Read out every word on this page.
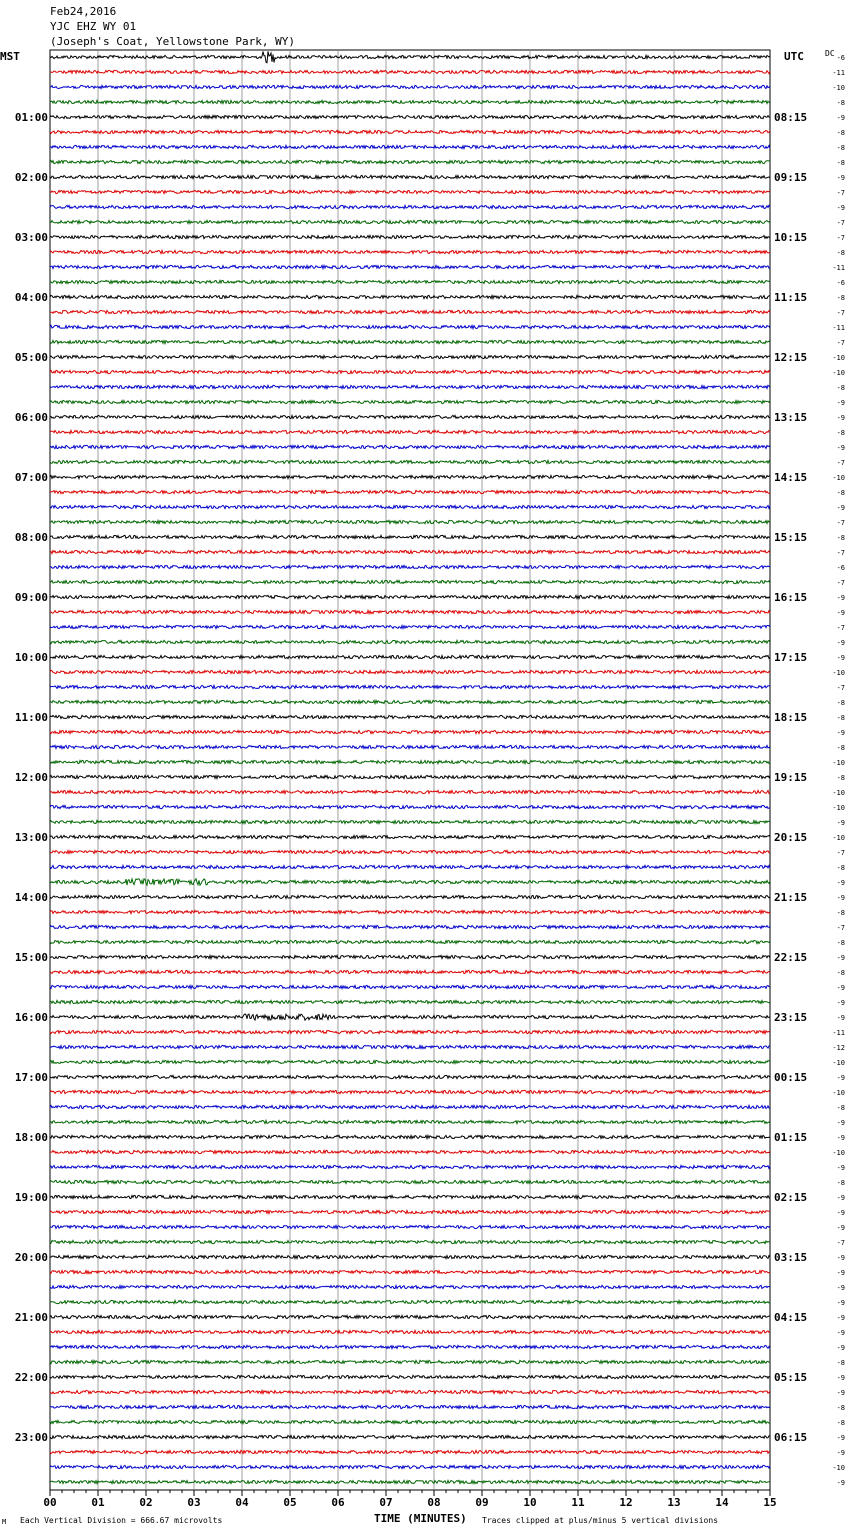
Feb24,2016
YJC EHZ WY 01
(Joseph's Coat, Yellowstone Park, WY)
MST	UTC	DC -6
-11
-10
-8
-9
-8
-8
-8
-9
-7
-9
-7
-7
-8
-11
-6
-8
-7
-11
-7
-10
-10
-8
-9
-9
-8
-9
-7
-10
-8
-9
-7
-8
-7
-6
-7
-9
-9
-7
-9
-9
-10
-7
-8
-8
-9
-8
-10
-8
-10
-10
-9
-10
-7
-8
-9
-9
-8
-7
-8
-9
-8
-9
-9
-9
-11
-12
-10
-9
-10
-8
-9
-9
-10
-9
-8
-9
-9
-9
-7
-9
-9
-9
-9
-9
-9
-9
-8
-9
-9
-8
-8
-9
-9
-10
-9
01:00
02:00
03:00
04:00
05:00
06:00
07:00
08:00
09:00
10:00
11:00
12:00
13:00
14:00
15:00
16:00
17:00
18:00
19:00
20:00
21:00
22:00
23:00
08:15
09:15
10:15
11:15
12:15
13:15
14:15
15:15
16:15
17:15
18:15
19:15
20:15
21:15
22:15
23:15
00:15
01:15
02:15
03:15
04:15
05:15
06:15
00	01	02	03	04	05	06	07	08	09	10	11	12	13	14	15
TIME (MINUTES)
Each Vertical Division = 666.67 microvolts	Traces clipped at plus/minus 5 vertical divisions
M
